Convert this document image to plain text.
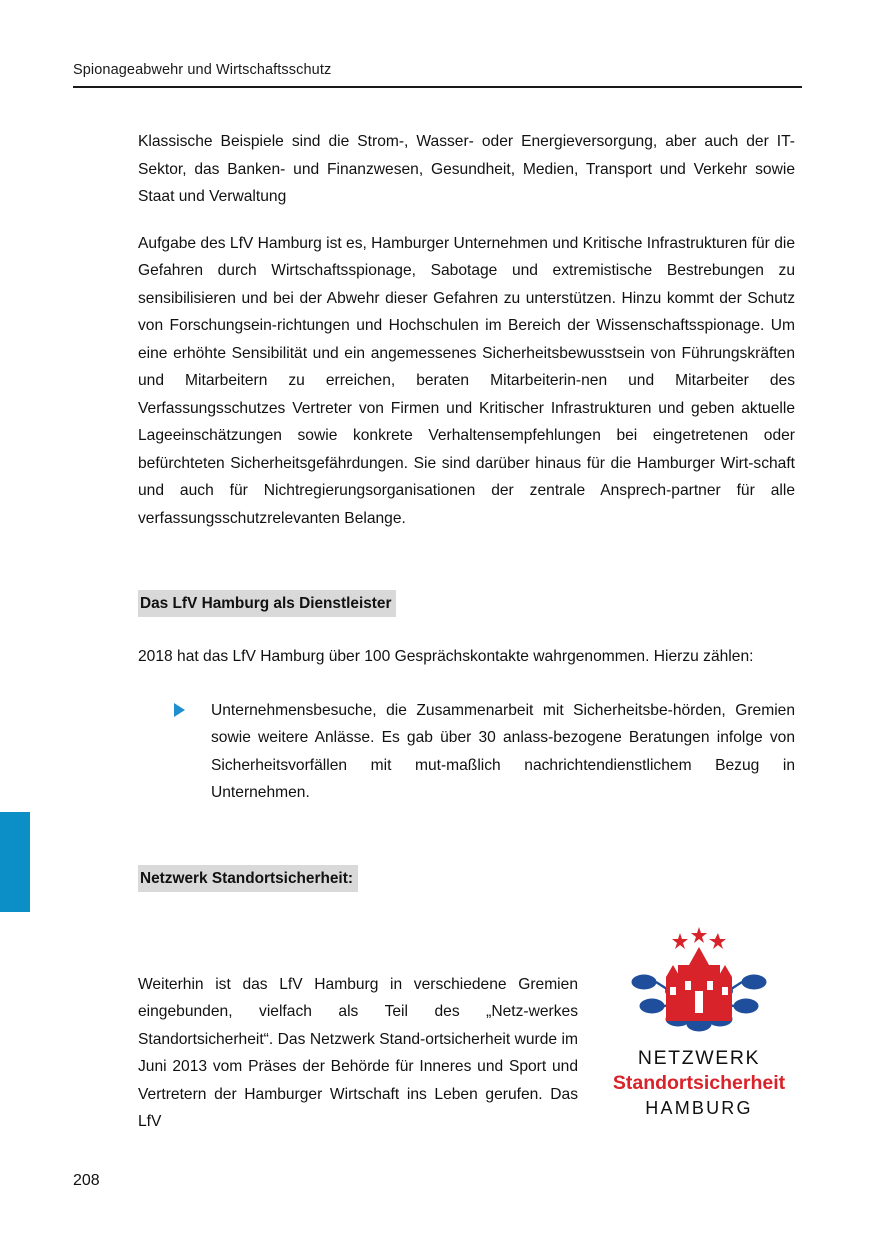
Spionageabwehr und Wirtschaftsschutz

Klassische Beispiele sind die Strom-, Wasser- oder Energieversorgung, aber auch der IT-Sektor, das Banken- und Finanzwesen, Gesundheit, Medien, Transport und Verkehr sowie Staat und Verwaltung

Aufgabe des LfV Hamburg ist es, Hamburger Unternehmen und Kritische Infrastrukturen für die Gefahren durch Wirtschaftsspionage, Sabotage und extremistische Bestrebungen zu sensibilisieren und bei der Abwehr dieser Gefahren zu unterstützen. Hinzu kommt der Schutz von Forschungsein-richtungen und Hochschulen im Bereich der Wissenschaftsspionage. Um eine erhöhte Sensibilität und ein angemessenes Sicherheitsbewusstsein von Führungskräften und Mitarbeitern zu erreichen, beraten Mitarbeiterin-nen und Mitarbeiter des Verfassungsschutzes Vertreter von Firmen und Kritischer Infrastrukturen und geben aktuelle Lageeinschätzungen sowie konkrete Verhaltensempfehlungen bei eingetretenen oder befürchteten Sicherheitsgefährdungen. Sie sind darüber hinaus für die Hamburger Wirt-schaft und auch für Nichtregierungsorganisationen der zentrale Ansprech-partner für alle verfassungsschutzrelevanten Belange.

Das LfV Hamburg als Dienstleister

2018 hat das LfV Hamburg über 100 Gesprächskontakte wahrgenommen. Hierzu zählen:

Unternehmensbesuche, die Zusammenarbeit mit Sicherheitsbe-hörden, Gremien sowie weitere Anlässe. Es gab über 30 anlass-bezogene Beratungen infolge von Sicherheitsvorfällen mit mut-maßlich nachrichtendienstlichem Bezug in Unternehmen.
Netzwerk Standortsicherheit:

Weiterhin ist das LfV Hamburg in verschiedene Gremien eingebunden, vielfach als Teil des „Netz-werkes Standortsicherheit“. Das Netzwerk Stand-ortsicherheit wurde im Juni 2013 vom Präses der Behörde für Inneres und Sport und Vertretern der Hamburger Wirtschaft ins Leben gerufen. Das LfV

NETZWERK
Standortsicherheit
HAMBURG
208
